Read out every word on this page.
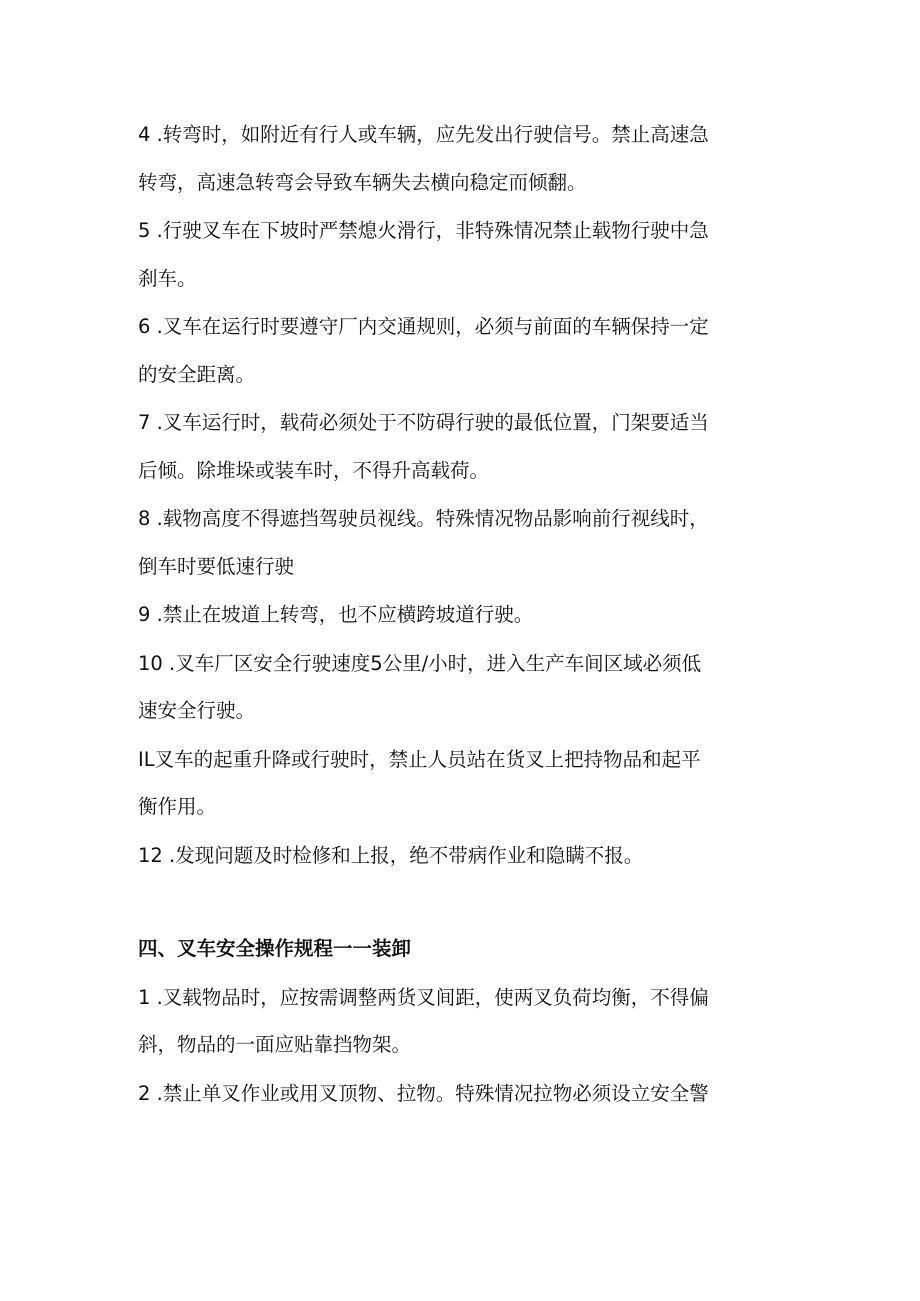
4 .转弯时，如附近有行人或车辆，应先发出行驶信号。禁止高速急
转弯，高速急转弯会导致车辆失去横向稳定而倾翻。
5 .行驶叉车在下坡时严禁熄火滑行，非特殊情况禁止载物行驶中急
刹车。
6 .叉车在运行时要遵守厂内交通规则，必须与前面的车辆保持一定
的安全距离。
7 .叉车运行时，载荷必须处于不防碍行驶的最低位置，门架要适当
后倾。除堆垛或装车时，不得升高载荷。
8 .载物高度不得遮挡驾驶员视线。特殊情况物品影响前行视线时，
倒车时要低速行驶
9 .禁止在坡道上转弯，也不应横跨坡道行驶。
10 .叉车厂区安全行驶速度5公里/小时，进入生产车间区域必须低
速安全行驶。
IL叉车的起重升降或行驶时，禁止人员站在货叉上把持物品和起平
衡作用。
12 .发现问题及时检修和上报，绝不带病作业和隐瞒不报。
四、叉车安全操作规程一一装卸
1 .叉载物品时，应按需调整两货叉间距，使两叉负荷均衡，不得偏
斜，物品的一面应贴靠挡物架。
2 .禁止单叉作业或用叉顶物、拉物。特殊情况拉物必须设立安全警
